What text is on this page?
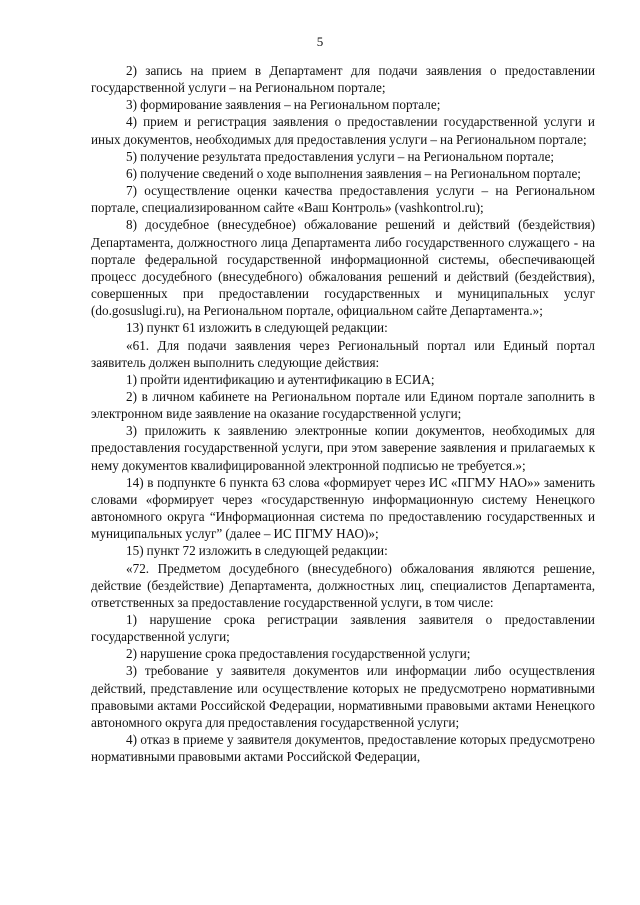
5

2) запись на прием в Департамент для подачи заявления о предоставлении государственной услуги – на Региональном портале;

3) формирование заявления – на Региональном портале;

4) прием и регистрация заявления о предоставлении государственной услуги и иных документов, необходимых для предоставления услуги – на Региональном портале;

5) получение результата предоставления услуги – на Региональном портале;

6) получение сведений о ходе выполнения заявления – на Региональном портале;

7) осуществление оценки качества предоставления услуги – на Региональном портале, специализированном сайте «Ваш Контроль» (vashkontrol.ru);

8) досудебное (внесудебное) обжалование решений и действий (бездействия) Департамента, должностного лица Департамента либо государственного служащего - на портале федеральной государственной информационной системы, обеспечивающей процесс досудебного (внесудебного) обжалования решений и действий (бездействия), совершенных при предоставлении государственных и муниципальных услуг (do.gosuslugi.ru), на Региональном портале, официальном сайте Департамента.»;

13) пункт 61 изложить в следующей редакции:

«61. Для подачи заявления через Региональный портал или Единый портал заявитель должен выполнить следующие действия:

1) пройти идентификацию и аутентификацию в ЕСИА;

2) в личном кабинете на Региональном портале или Едином портале заполнить в электронном виде заявление на оказание государственной услуги;

3) приложить к заявлению электронные копии документов, необходимых для предоставления государственной услуги, при этом заверение заявления и прилагаемых к нему документов квалифицированной электронной подписью не требуется.»;

14) в подпункте 6 пункта 63 слова «формирует через ИС «ПГМУ НАО»» заменить словами «формирует через «государственную информационную систему Ненецкого автономного округа “Информационная система по предоставлению государственных и муниципальных услуг” (далее – ИС ПГМУ НАО)»;

15) пункт 72 изложить в следующей редакции:

«72. Предметом досудебного (внесудебного) обжалования являются решение, действие (бездействие) Департамента, должностных лиц, специалистов Департамента, ответственных за предоставление государственной услуги, в том числе:

1) нарушение срока регистрации заявления заявителя о предоставлении государственной услуги;

2) нарушение срока предоставления государственной услуги;

3) требование у заявителя документов или информации либо осуществления действий, представление или осуществление которых не предусмотрено нормативными правовыми актами Российской Федерации, нормативными правовыми актами Ненецкого автономного округа для предоставления государственной услуги;

4) отказ в приеме у заявителя документов, предоставление которых предусмотрено нормативными правовыми актами Российской Федерации,
